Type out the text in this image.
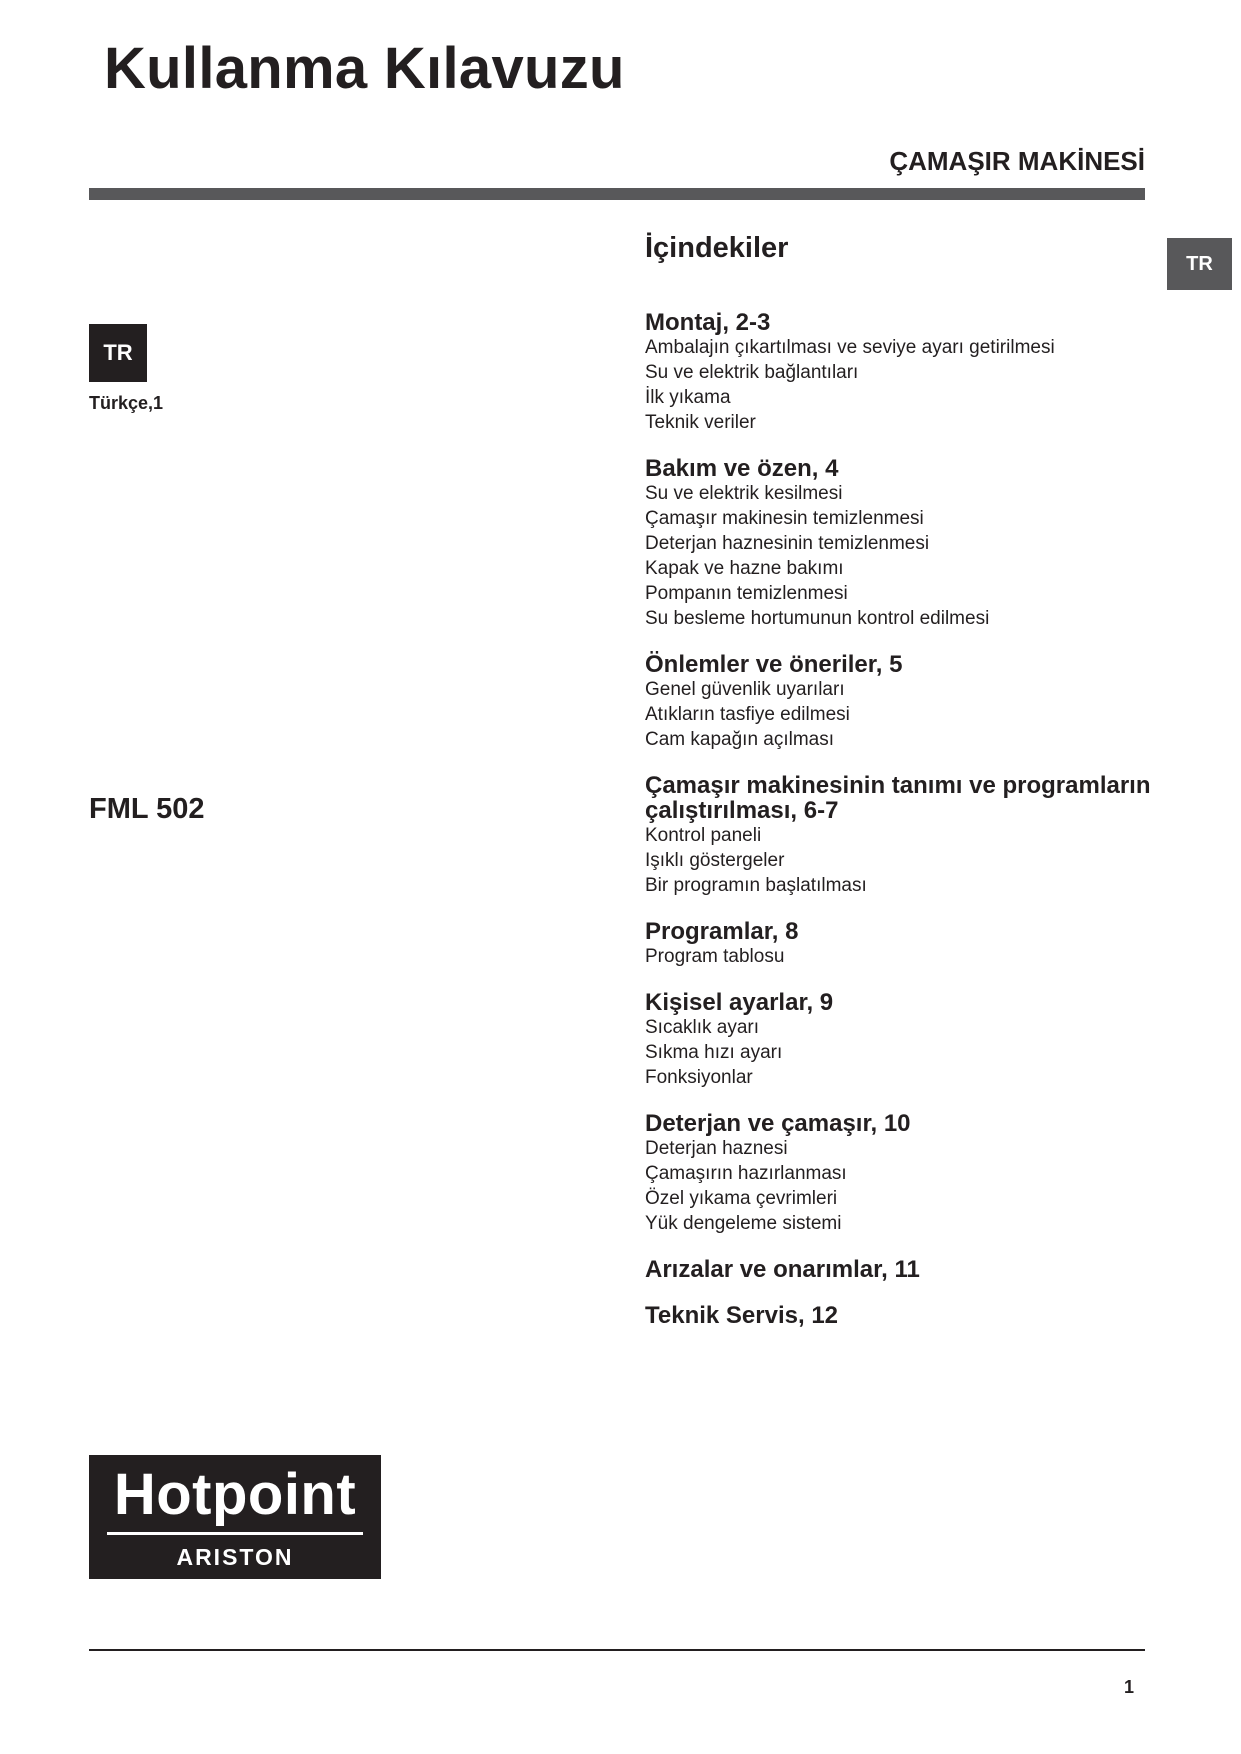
Kullanma Kılavuzu
ÇAMAŞIR MAKİNESİ
TR
TR
Türkçe,1
FML 502
İçindekiler
Montaj, 2-3
Ambalajın çıkartılması ve seviye ayarı getirilmesi
Su ve elektrik bağlantıları
İlk yıkama
Teknik veriler
Bakım ve özen, 4
Su ve elektrik kesilmesi
Çamaşır makinesin temizlenmesi
Deterjan haznesinin temizlenmesi
Kapak ve hazne bakımı
Pompanın temizlenmesi
Su besleme hortumunun kontrol edilmesi
Önlemler ve öneriler, 5
Genel güvenlik uyarıları
Atıkların tasfiye edilmesi
Cam kapağın açılması
Çamaşır makinesinin tanımı ve programların çalıştırılması, 6-7
Kontrol paneli
Işıklı göstergeler
Bir programın başlatılması
Programlar, 8
Program tablosu
Kişisel ayarlar, 9
Sıcaklık ayarı
Sıkma hızı ayarı
Fonksiyonlar
Deterjan ve çamaşır, 10
Deterjan haznesi
Çamaşırın hazırlanması
Özel yıkama çevrimleri
Yük dengeleme sistemi
Arızalar ve onarımlar, 11
Teknik Servis, 12
Hotpoint
ARISTON
1
